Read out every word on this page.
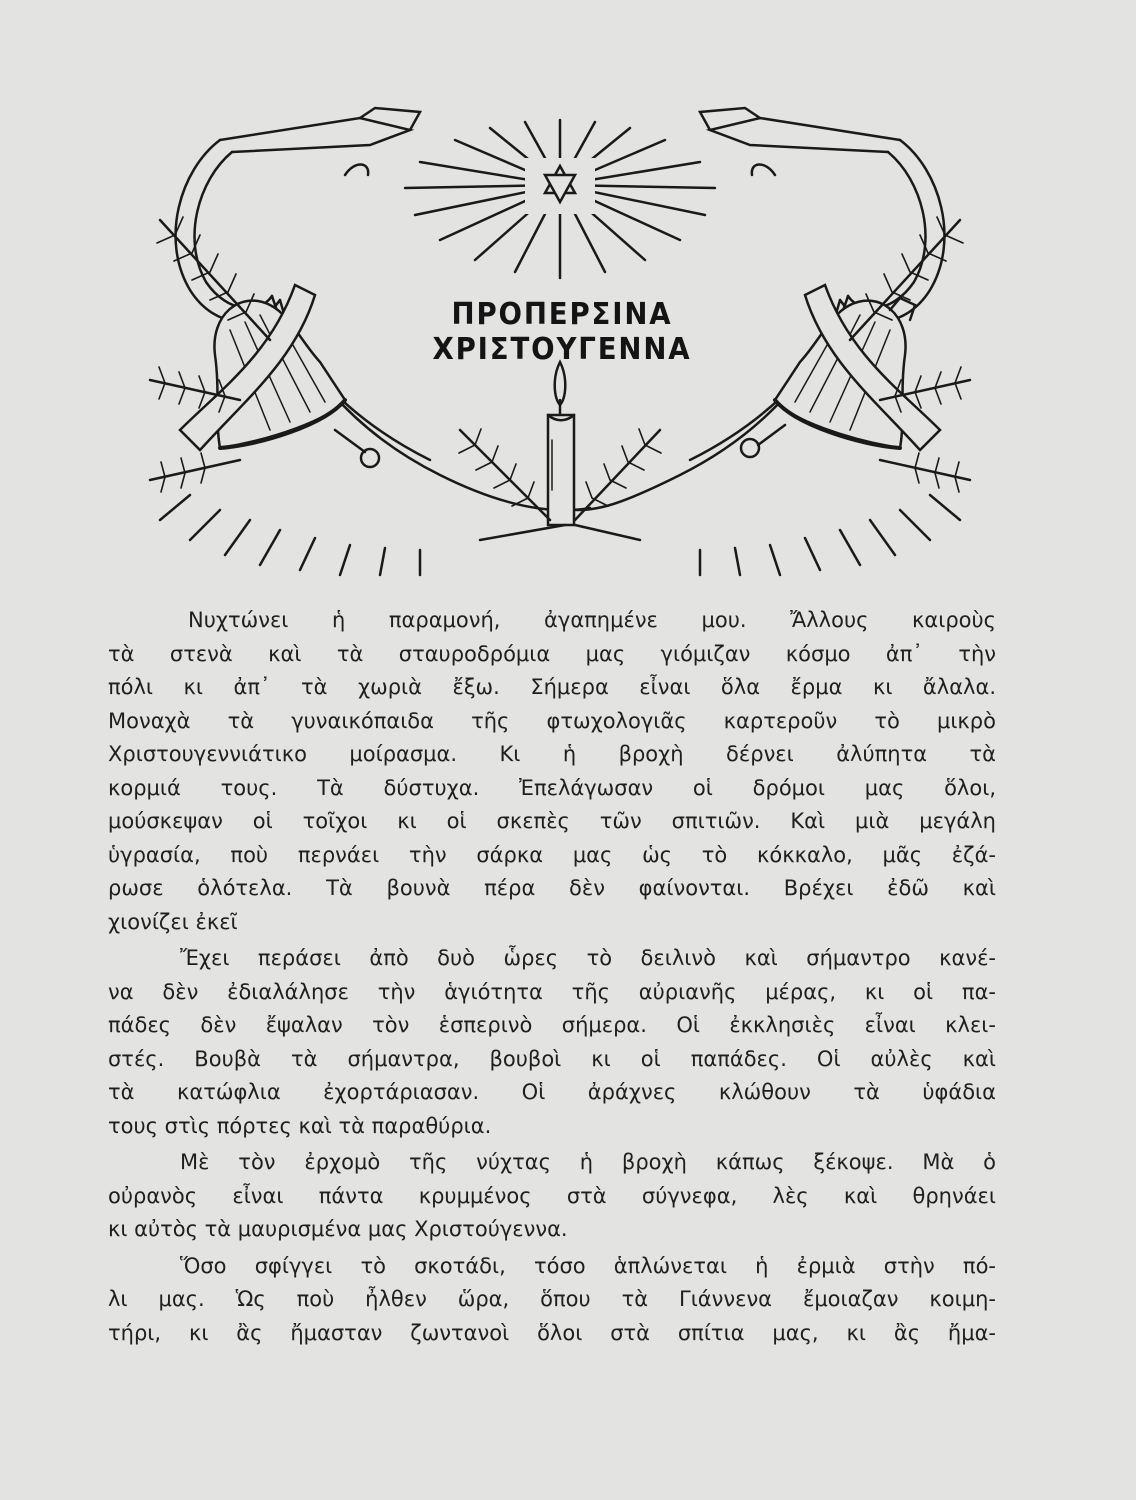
ΠΡΟΠΕΡΣΙΝΑ ΧΡΙΣΤΟΥΓΕΝΝΑ

Νυχτώνει ἡ παραμονή, ἀγαπημένε μου. Ἄλλους καιροὺς
τὰ στενὰ καὶ τὰ σταυροδρόμια μας γιόμιζαν κόσμο ἀπ᾽ τὴν
πόλι κι ἀπ᾽ τὰ χωριὰ ἔξω. Σήμερα εἶναι ὅλα ἔρμα κι ἄλαλα.
Μοναχὰ τὰ γυναικόπαιδα τῆς φτωχολογιᾶς καρτεροῦν τὸ μικρὸ
Χριστουγεννιάτικο μοίρασμα. Κι ἡ βροχὴ δέρνει ἀλύπητα τὰ
κορμιά τους. Τὰ δύστυχα. Ἐπελάγωσαν οἱ δρόμοι μας ὅλοι,
μούσκεψαν οἱ τοῖχοι κι οἱ σκεπὲς τῶν σπιτιῶν. Καὶ μιὰ μεγάλη
ὑγρασία, ποὺ περνάει τὴν σάρκα μας ὡς τὸ κόκκαλο, μᾶς ἐζά-
ρωσε ὁλότελα. Τὰ βουνὰ πέρα δὲν φαίνονται. Βρέχει ἐδῶ καὶ
χιονίζει ἐκεῖ

Ἔχει περάσει ἀπὸ δυὸ ὧρες τὸ δειλινὸ καὶ σήμαντρο κανέ-
να δὲν ἐδιαλάλησε τὴν ἁγιότητα τῆς αὐριανῆς μέρας, κι οἱ πα-
πάδες δὲν ἔψαλαν τὸν ἑσπερινὸ σήμερα. Οἱ ἐκκλησιὲς εἶναι κλει-
στές. Βουβὰ τὰ σήμαντρα, βουβοὶ κι οἱ παπάδες. Οἱ αὐλὲς καὶ
τὰ κατώφλια ἐχορτάριασαν. Οἱ ἀράχνες κλώθουν τὰ ὑφάδια
τους στὶς πόρτες καὶ τὰ παραθύρια.

Μὲ τὸν ἐρχομὸ τῆς νύχτας ἡ βροχὴ κάπως ξέκοψε. Μὰ ὁ
οὐρανὸς εἶναι πάντα κρυμμένος στὰ σύγνεφα, λὲς καὶ θρηνάει
κι αὐτὸς τὰ μαυρισμένα μας Χριστούγεννα.

Ὅσο σφίγγει τὸ σκοτάδι, τόσο ἁπλώνεται ἡ ἐρμιὰ στὴν πό-
λι μας. Ὡς ποὺ ἦλθεν ὥρα, ὅπου τὰ Γιάννενα ἔμοιαζαν κοιμη-
τήρι, κι ἂς ἤμασταν ζωντανοὶ ὅλοι στὰ σπίτια μας, κι ἂς ἤμα-
